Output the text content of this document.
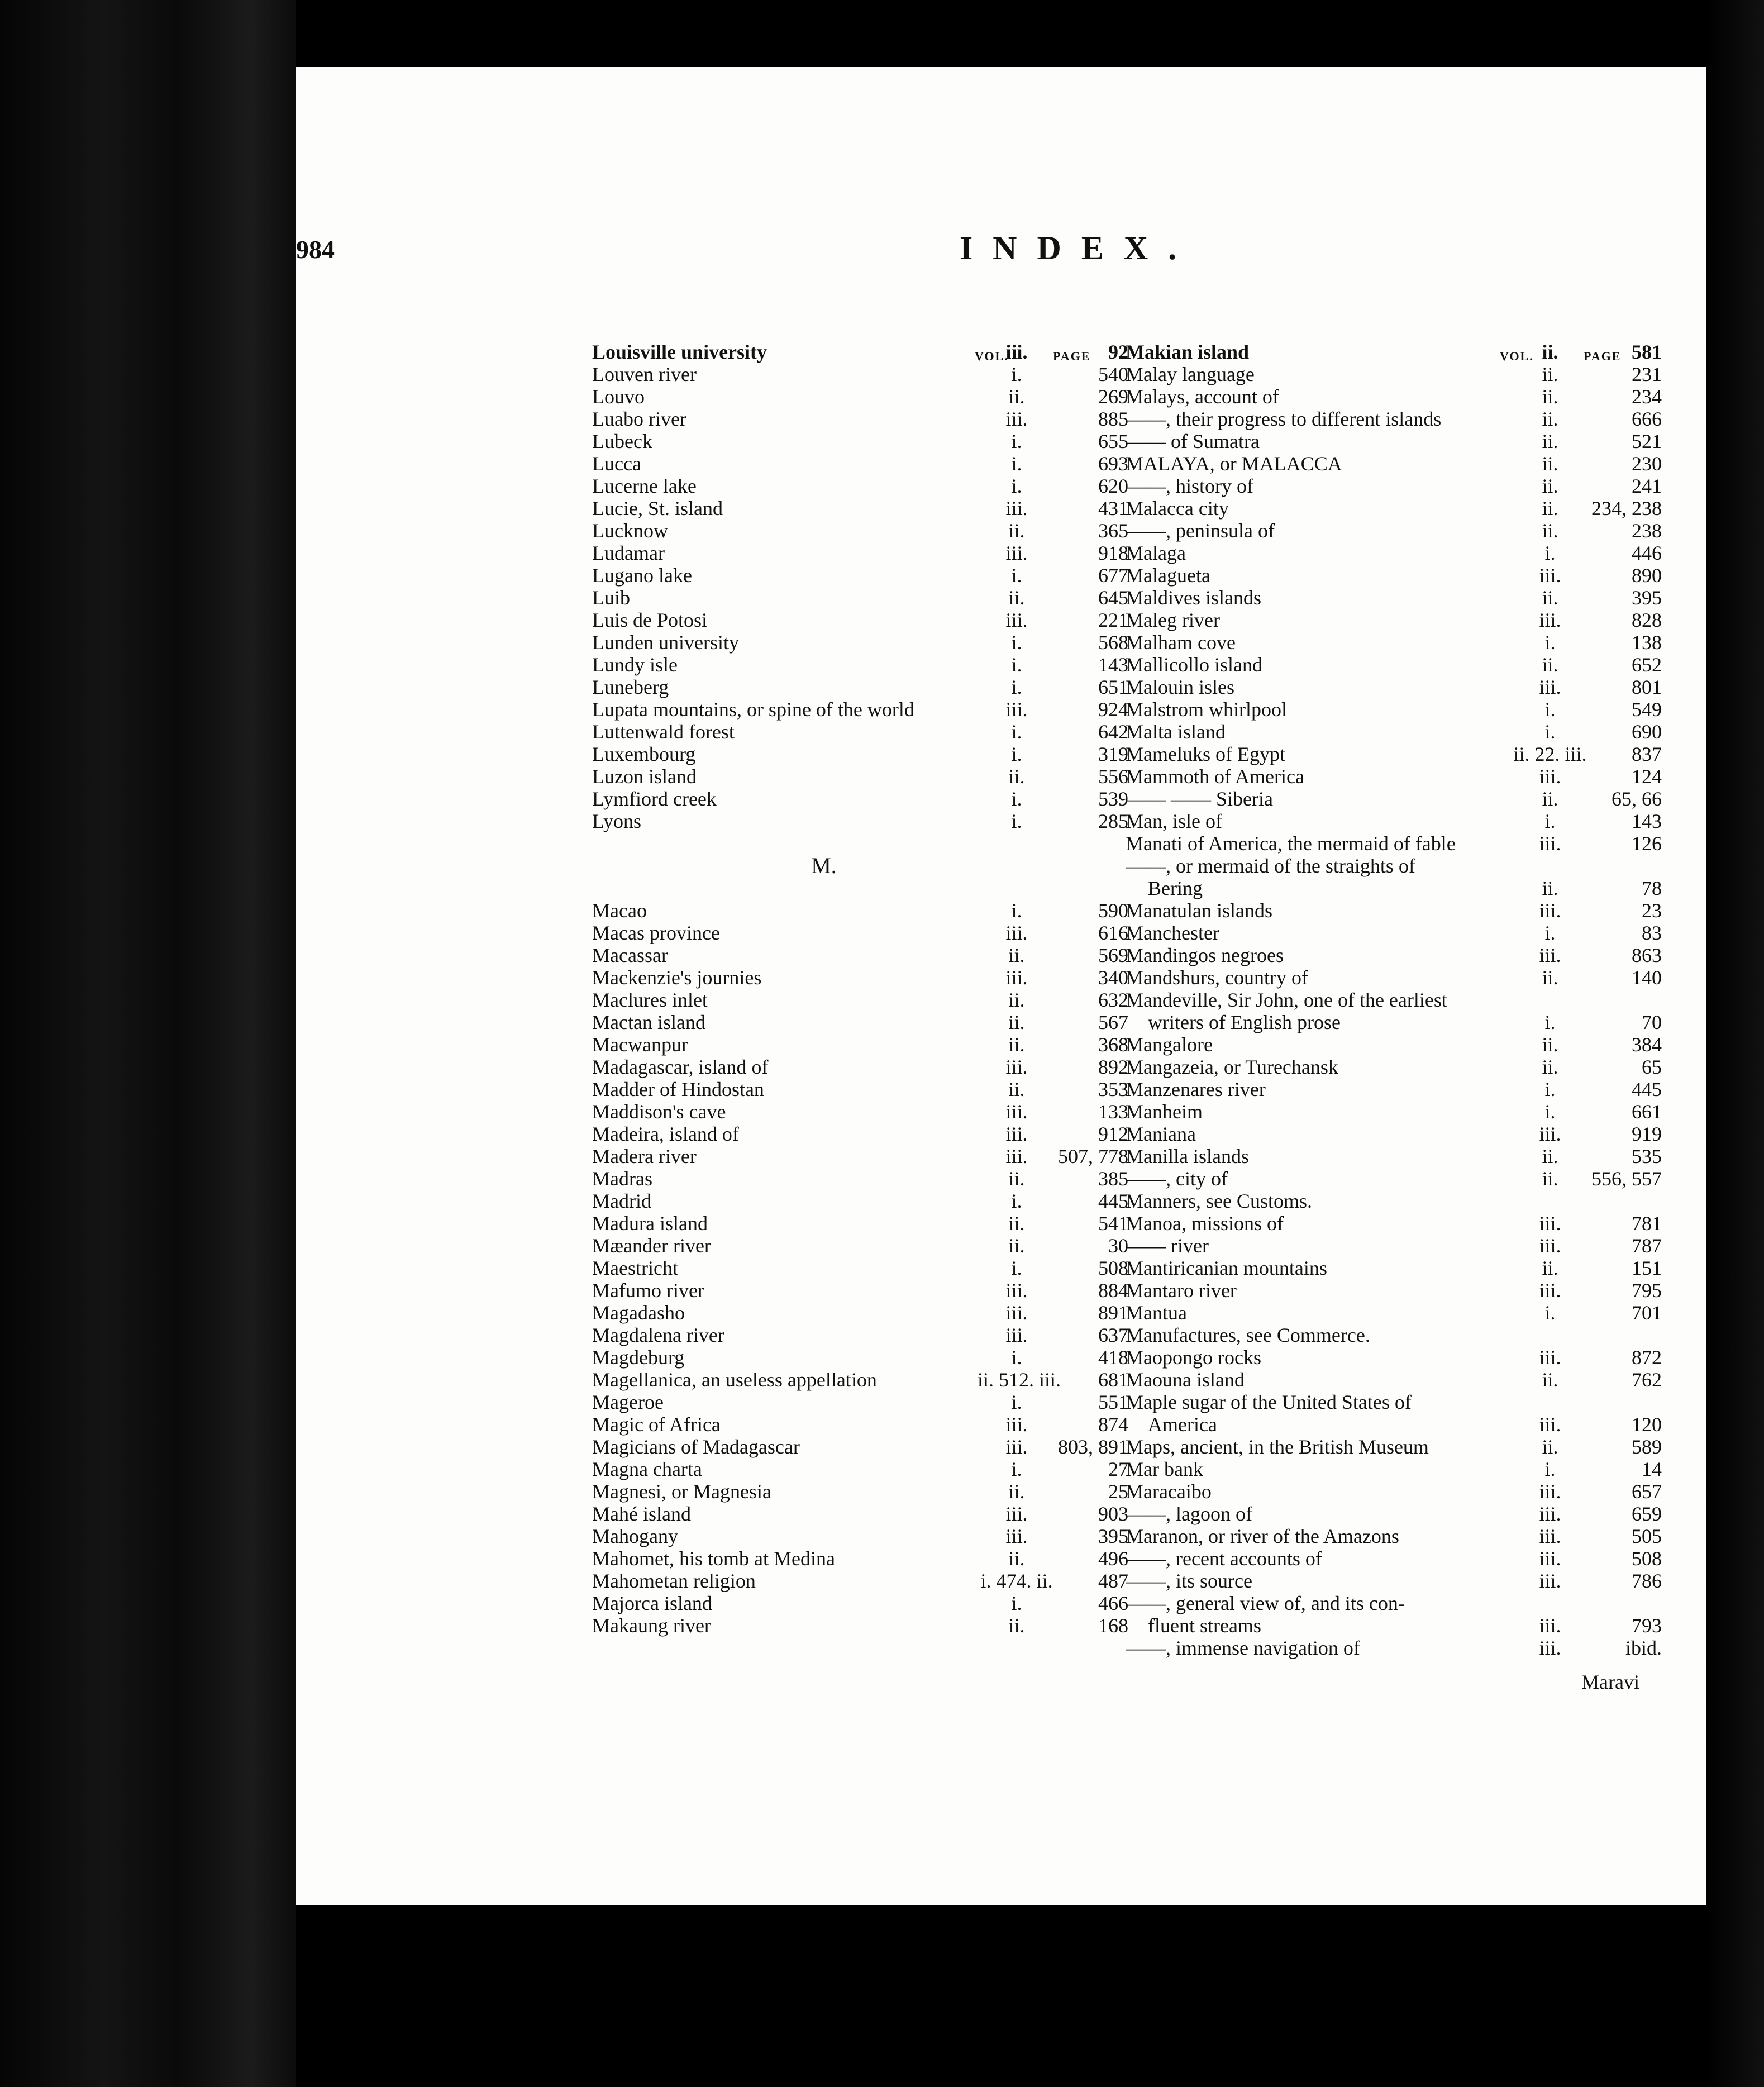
984	INDEX.
VOL.	PAGE	VOL.	PAGE
Louisville university	iii.	92
Louven river	i.	540
Louvo	ii.	269
Luabo river	iii.	885
Lubeck	i.	655
Lucca	i.	693
Lucerne lake	i.	620
Lucie, St. island	iii.	431
Lucknow	ii.	365
Ludamar	iii.	918
Lugano lake	i.	677
Luib	ii.	645
Luis de Potosi	iii.	221
Lunden university	i.	568
Lundy isle	i.	143
Luneberg	i.	651
Lupata mountains, or spine of the world	iii.	924
Luttenwald forest	i.	642
Luxembourg	i.	319
Luzon island	ii.	556
Lymfiord creek	i.	539
Lyons	i.	285
M.
Macao	i.	590
Macas province	iii.	616
Macassar	ii.	569
Mackenzie's journies	iii.	340
Maclures inlet	ii.	632
Mactan island	ii.	567
Macwanpur	ii.	368
Madagascar, island of	iii.	892
Madder of Hindostan	ii.	353
Maddison's cave	iii.	133
Madeira, island of	iii.	912
Madera river	iii.	507, 778
Madras	ii.	385
Madrid	i.	445
Madura island	ii.	541
Mæander river	ii.	30
Maestricht	i.	508
Mafumo river	iii.	884
Magadasho	iii.	891
Magdalena river	iii.	637
Magdeburg	i.	418
Magellanica, an useless appellation	ii. 512. iii.	681
Mageroe	i.	551
Magic of Africa	iii.	874
Magicians of Madagascar	iii.	803, 891
Magna charta	i.	27
Magnesi, or Magnesia	ii.	25
Mahé island	iii.	903
Mahogany	iii.	395
Mahomet, his tomb at Medina	ii.	496
Mahometan religion	i. 474. ii.	487
Majorca island	i.	466
Makaung river	ii.	168
Makian island	ii.	581
Malay language	ii.	231
Malays, account of	ii.	234
——, their progress to different islands	ii.	666
—— of Sumatra	ii.	521
MALAYA, or MALACCA	ii.	230
——, history of	ii.	241
Malacca city	ii.	234, 238
——, peninsula of	ii.	238
Malaga	i.	446
Malagueta	iii.	890
Maldives islands	ii.	395
Maleg river	iii.	828
Malham cove	i.	138
Mallicollo island	ii.	652
Malouin isles	iii.	801
Malstrom whirlpool	i.	549
Malta island	i.	690
Mameluks of Egypt	ii. 22. iii.	837
Mammoth of America	iii.	124
—— —— Siberia	ii.	65, 66
Man, isle of	i.	143
Manati of America, the mermaid of fable	iii.	126
——, or mermaid of the straights of
Bering	ii.	78
Manatulan islands	iii.	23
Manchester	i.	83
Mandingos negroes	iii.	863
Mandshurs, country of	ii.	140
Mandeville, Sir John, one of the earliest
writers of English prose	i.	70
Mangalore	ii.	384
Mangazeia, or Turechansk	ii.	65
Manzenares river	i.	445
Manheim	i.	661
Maniana	iii.	919
Manilla islands	ii.	535
——, city of	ii.	556, 557
Manners, see Customs.
Manoa, missions of	iii.	781
—— river	iii.	787
Mantiricanian mountains	ii.	151
Mantaro river	iii.	795
Mantua	i.	701
Manufactures, see Commerce.
Maopongo rocks	iii.	872
Maouna island	ii.	762
Maple sugar of the United States of
America	iii.	120
Maps, ancient, in the British Museum	ii.	589
Mar bank	i.	14
Maracaibo	iii.	657
——, lagoon of	iii.	659
Maranon, or river of the Amazons	iii.	505
——, recent accounts of	iii.	508
——, its source	iii.	786
——, general view of, and its con-
fluent streams	iii.	793
——, immense navigation of	iii.	ibid.
Maravi
